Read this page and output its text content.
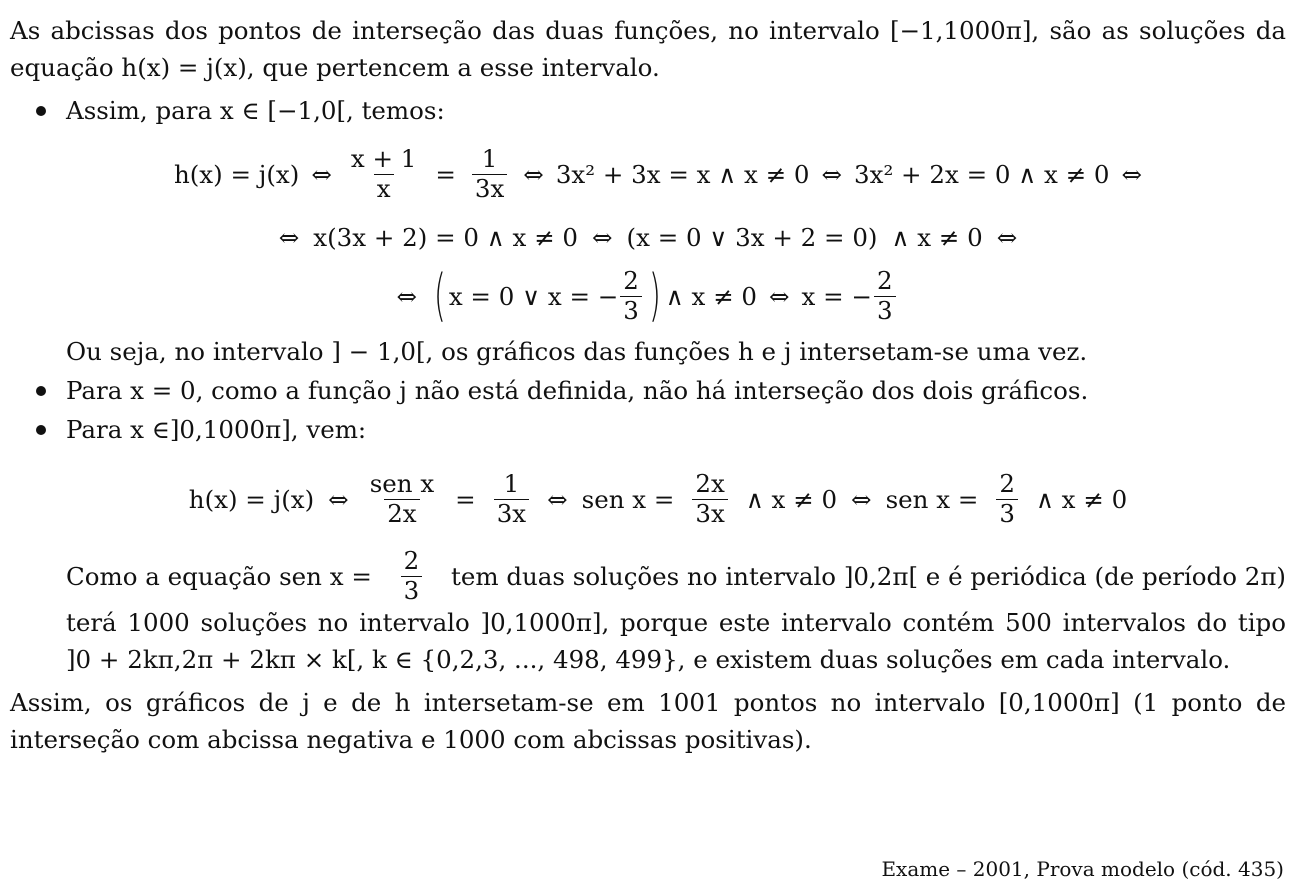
As abcissas dos pontos de interseção das duas funções, no intervalo [−1,1000π], são as soluções da equação h(x) = j(x), que pertencem a esse intervalo.

Assim, para x ∈ [−1,0[, temos:
h(x) = j(x) ⇔ $\frac{x + 1}{x} = \frac{1}{3x}$ ⇔ 3x² + 3x = x ∧ x ≠ 0 ⇔ 3x² + 2x = 0 ∧ x ≠ 0 ⇔
⇔ x(3x + 2) = 0 ∧ x ≠ 0 ⇔ (x = 0 ∨ 3x + 2 = 0) ∧ x ≠ 0 ⇔
⇔ ( x = 0 ∨ x = − $\frac{2}{3}$ ) ∧ x ≠ 0 ⇔ x = − $\frac{2}{3}$
Ou seja, no intervalo ] − 1,0[, os gráficos das funções h e j intersetam-se uma vez.
Para x = 0, como a função j não está definida, não há interseção dos dois gráficos.
Para x ∈]0,1000π], vem:
h(x) = j(x) ⇔ $\frac{\text{sen x}}{2x} = \frac{1}{3x}$ ⇔ sen $x = \frac{2x}{3x}$ ∧ x ≠ 0 ⇔ sen $x = \frac{2}{3}$ ∧ x ≠ 0
Como a equação sen $x = \frac{2}{3}$ tem duas soluções no intervalo ]0,2π[ e é periódica (de período 2π)
terá 1000 soluções no intervalo ]0,1000π], porque este intervalo contém 500 intervalos do tipo
]0 + 2kπ,2π + 2kπ × k[, k ∈ {0,2,3, ..., 498, 499}, e existem duas soluções em cada intervalo.

Assim, os gráficos de j e de h intersetam-se em 1001 pontos no intervalo [0,1000π] (1 ponto de interseção com abcissa negativa e 1000 com abcissas positivas).

Exame – 2001, Prova modelo (cód. 435)
